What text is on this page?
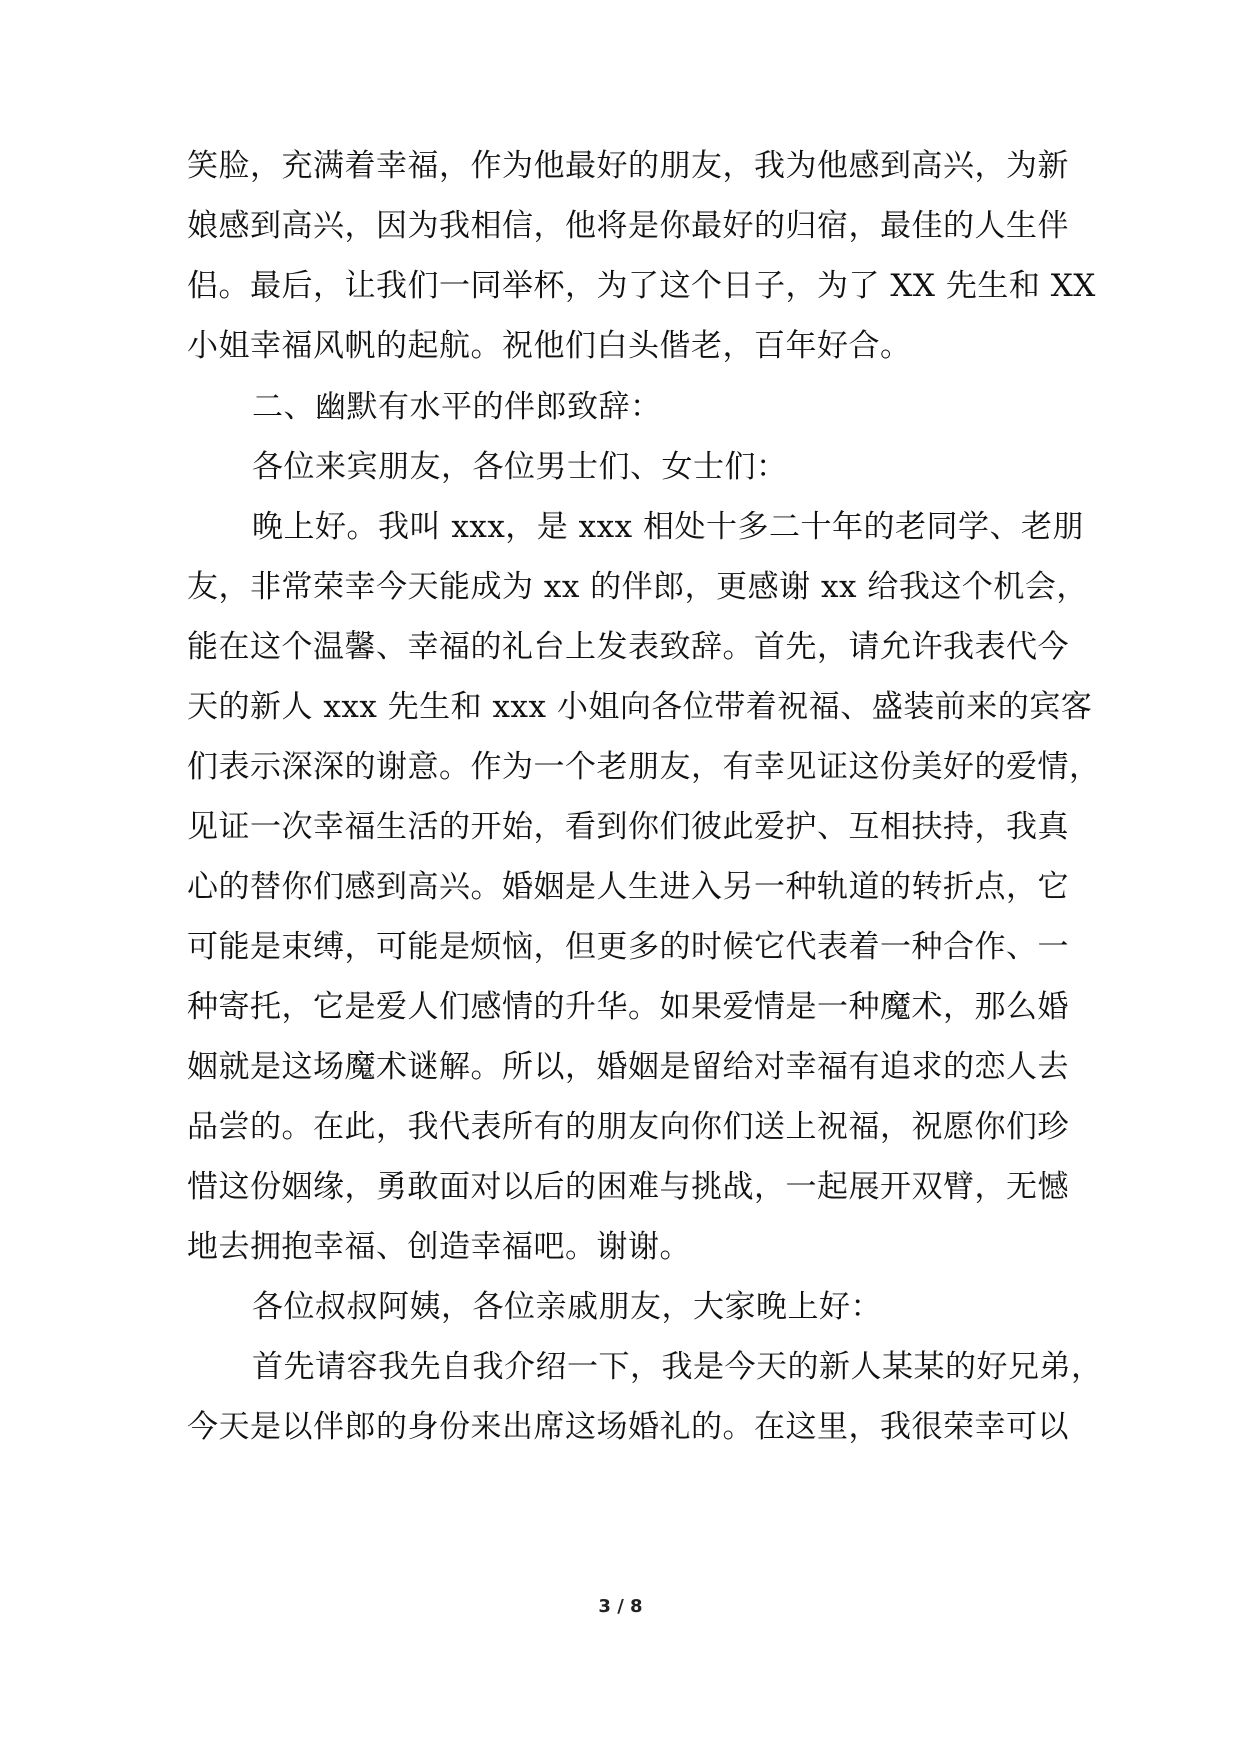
笑脸，充满着幸福，作为他最好的朋友，我为他感到高兴，为新
娘感到高兴，因为我相信，他将是你最好的归宿，最佳的人生伴
侣。最后，让我们一同举杯，为了这个日子，为了 XX 先生和 XX
小姐幸福风帆的起航。祝他们白头偕老，百年好合。
二、幽默有水平的伴郎致辞：
各位来宾朋友，各位男士们、女士们：
晚上好。我叫 xxx，是 xxx 相处十多二十年的老同学、老朋
友，非常荣幸今天能成为 xx 的伴郎，更感谢 xx 给我这个机会，
能在这个温馨、幸福的礼台上发表致辞。首先，请允许我表代今
天的新人 xxx 先生和 xxx 小姐向各位带着祝福、盛装前来的宾客
们表示深深的谢意。作为一个老朋友，有幸见证这份美好的爱情，
见证一次幸福生活的开始，看到你们彼此爱护、互相扶持，我真
心的替你们感到高兴。婚姻是人生进入另一种轨道的转折点，它
可能是束缚，可能是烦恼，但更多的时候它代表着一种合作、一
种寄托，它是爱人们感情的升华。如果爱情是一种魔术，那么婚
姻就是这场魔术谜解。所以，婚姻是留给对幸福有追求的恋人去
品尝的。在此，我代表所有的朋友向你们送上祝福，祝愿你们珍
惜这份姻缘，勇敢面对以后的困难与挑战，一起展开双臂，无憾
地去拥抱幸福、创造幸福吧。谢谢。
各位叔叔阿姨，各位亲戚朋友，大家晚上好：
首先请容我先自我介绍一下，我是今天的新人某某的好兄弟，
今天是以伴郎的身份来出席这场婚礼的。在这里，我很荣幸可以
3 / 8
